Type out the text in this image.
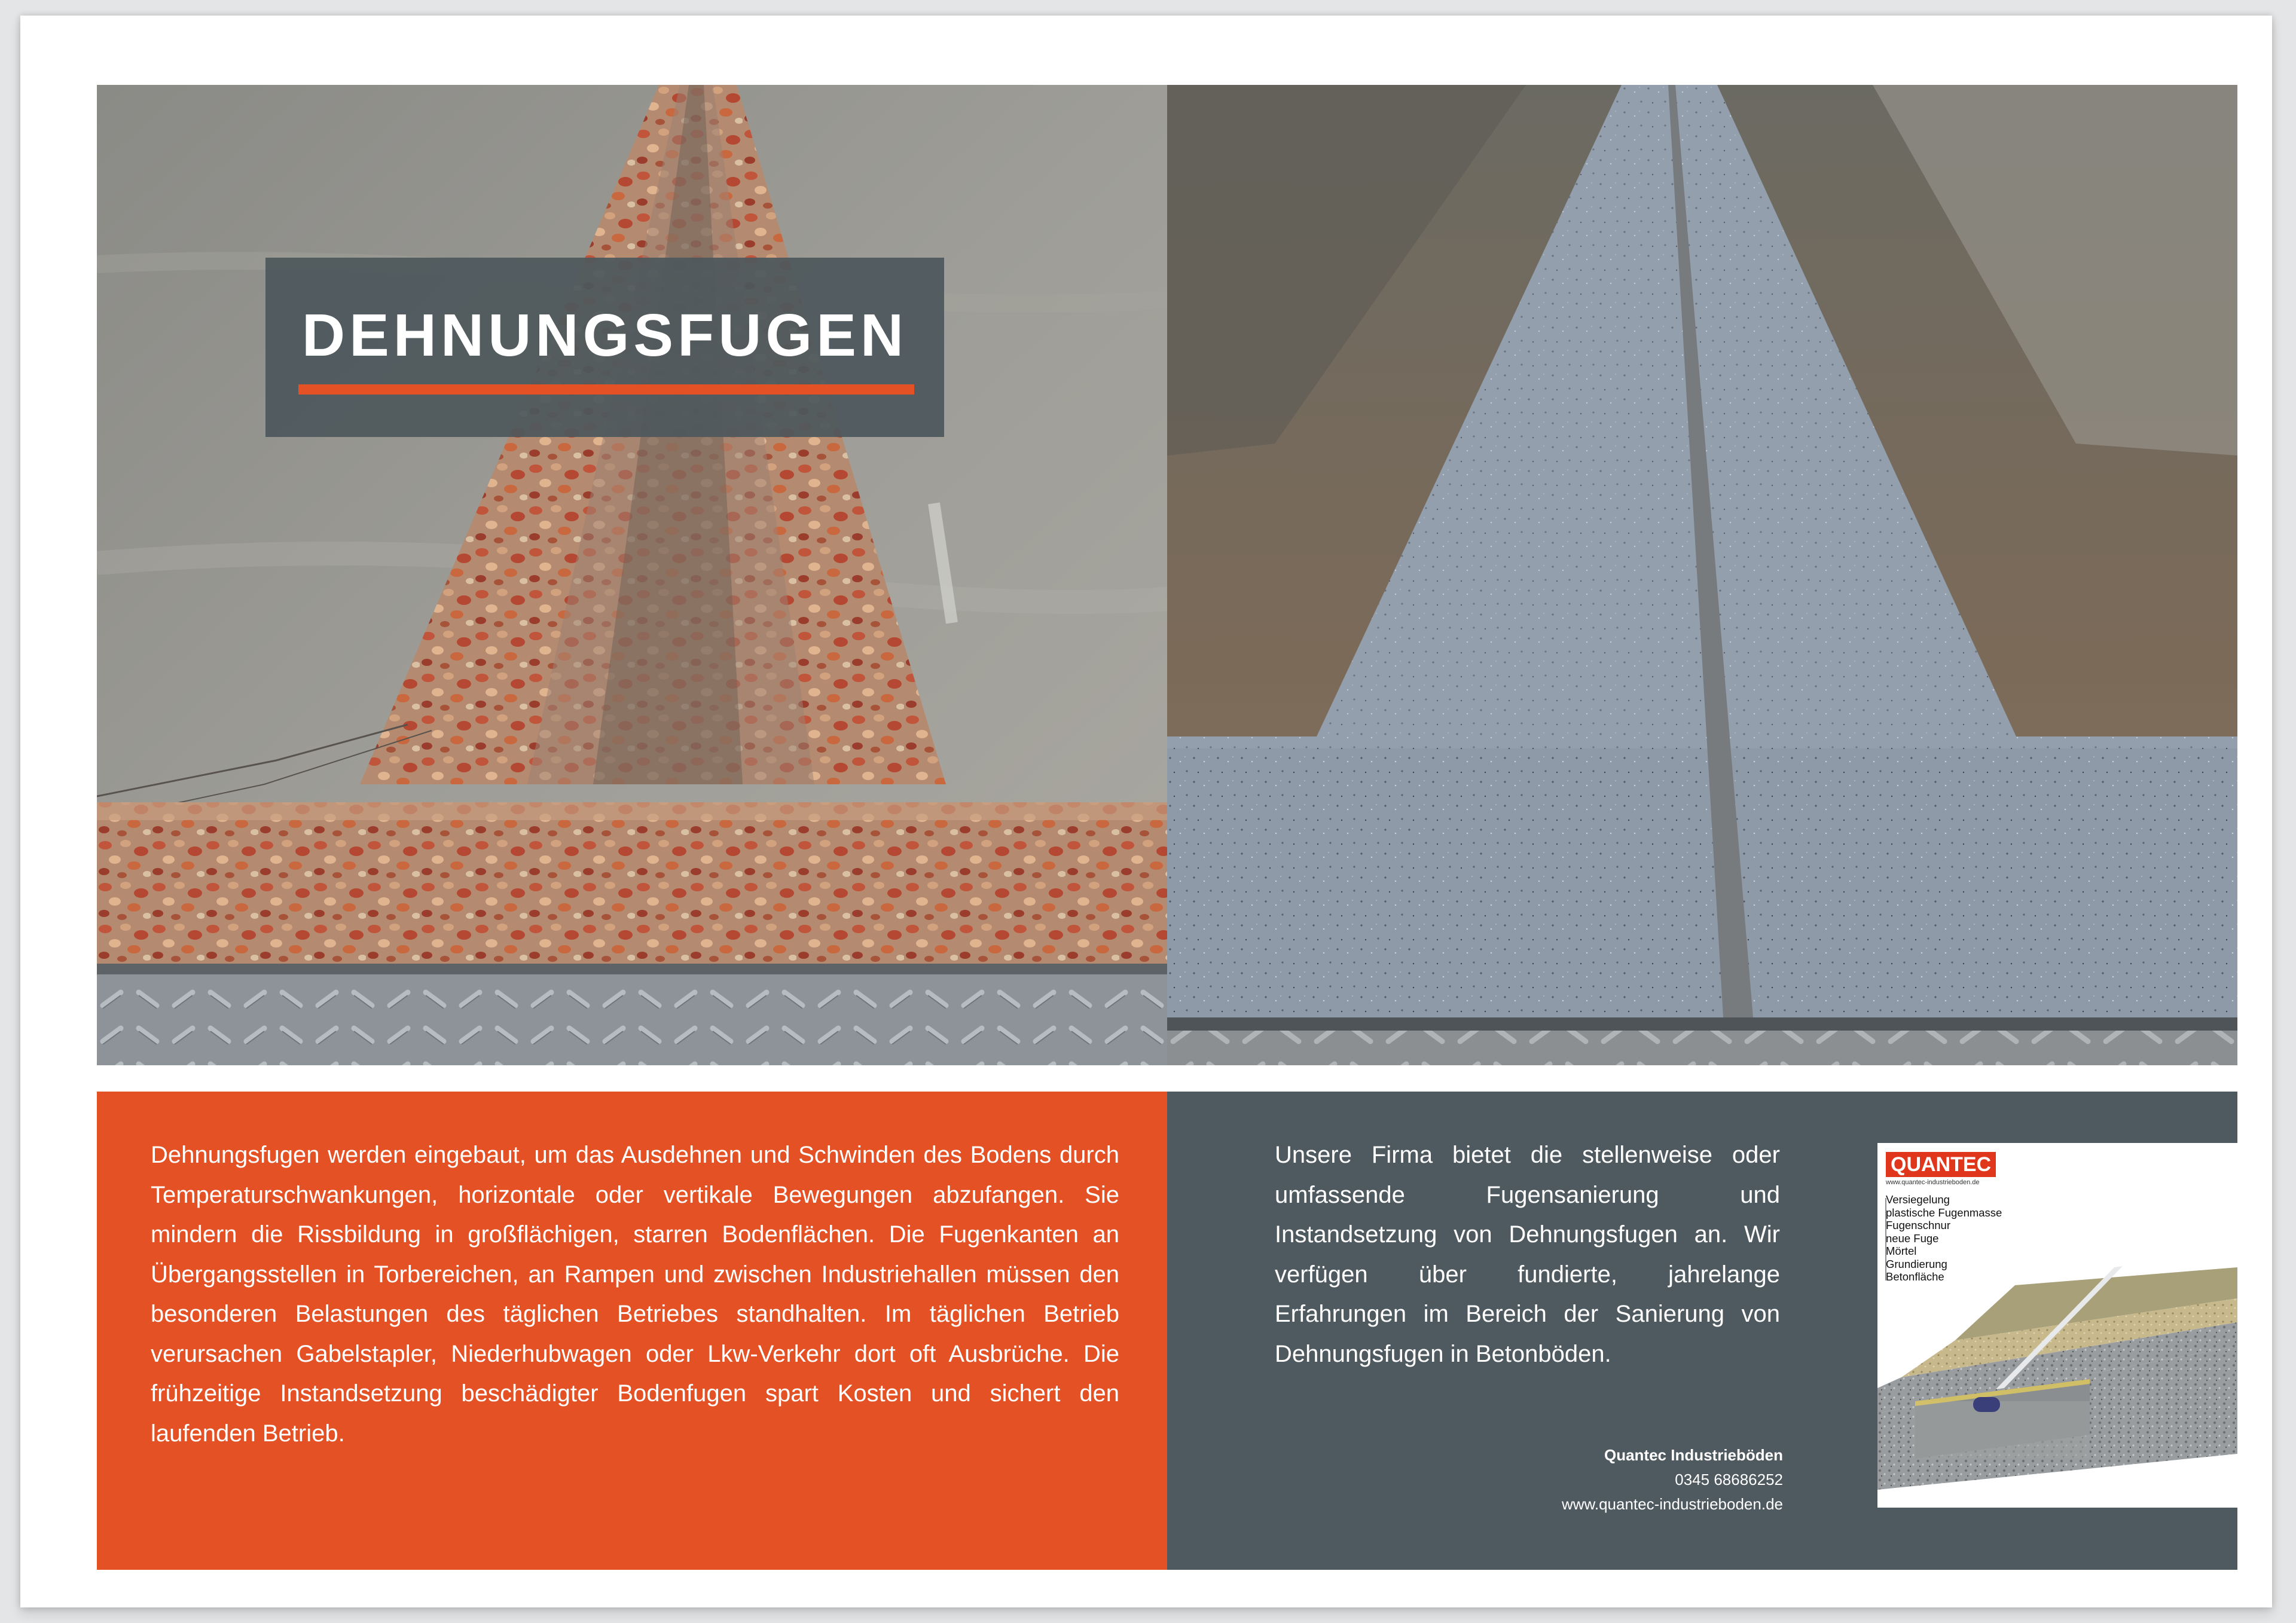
DEHNUNGSFUGEN

Dehnungsfugen werden eingebaut, um das Ausdehnen und Schwinden des Bodens durch Temperaturschwankungen, horizontale oder vertikale Bewegungen abzufangen. Sie mindern die Rissbildung in großflächigen, starren Bodenflächen. Die Fugenkanten an Übergangsstellen in Torbereichen, an Rampen und zwischen Industriehallen müssen den besonderen Belastungen des täglichen Betriebes standhalten. Im täglichen Betrieb verursachen Gabelstapler, Niederhubwagen oder Lkw-Verkehr dort oft Ausbrüche. Die frühzeitige Instandsetzung beschädigter Bodenfugen spart Kosten und sichert den laufenden Betrieb.

Unsere Firma bietet die stellenweise oder umfassende Fugensanierung und Instandsetzung von Dehnungsfugen an. Wir verfügen über fundierte, jahrelange Erfahrungen im Bereich der Sanierung von Dehnungsfugen in Betonböden.

Quantec Industrieböden
0345 68686252
www.quantec-industrieboden.de
QUANTEC
www.quantec-industrieboden.de
Versiegelung
plastische Fugenmasse
Fugenschnur
neue Fuge
Mörtel
Grundierung
Betonfläche
